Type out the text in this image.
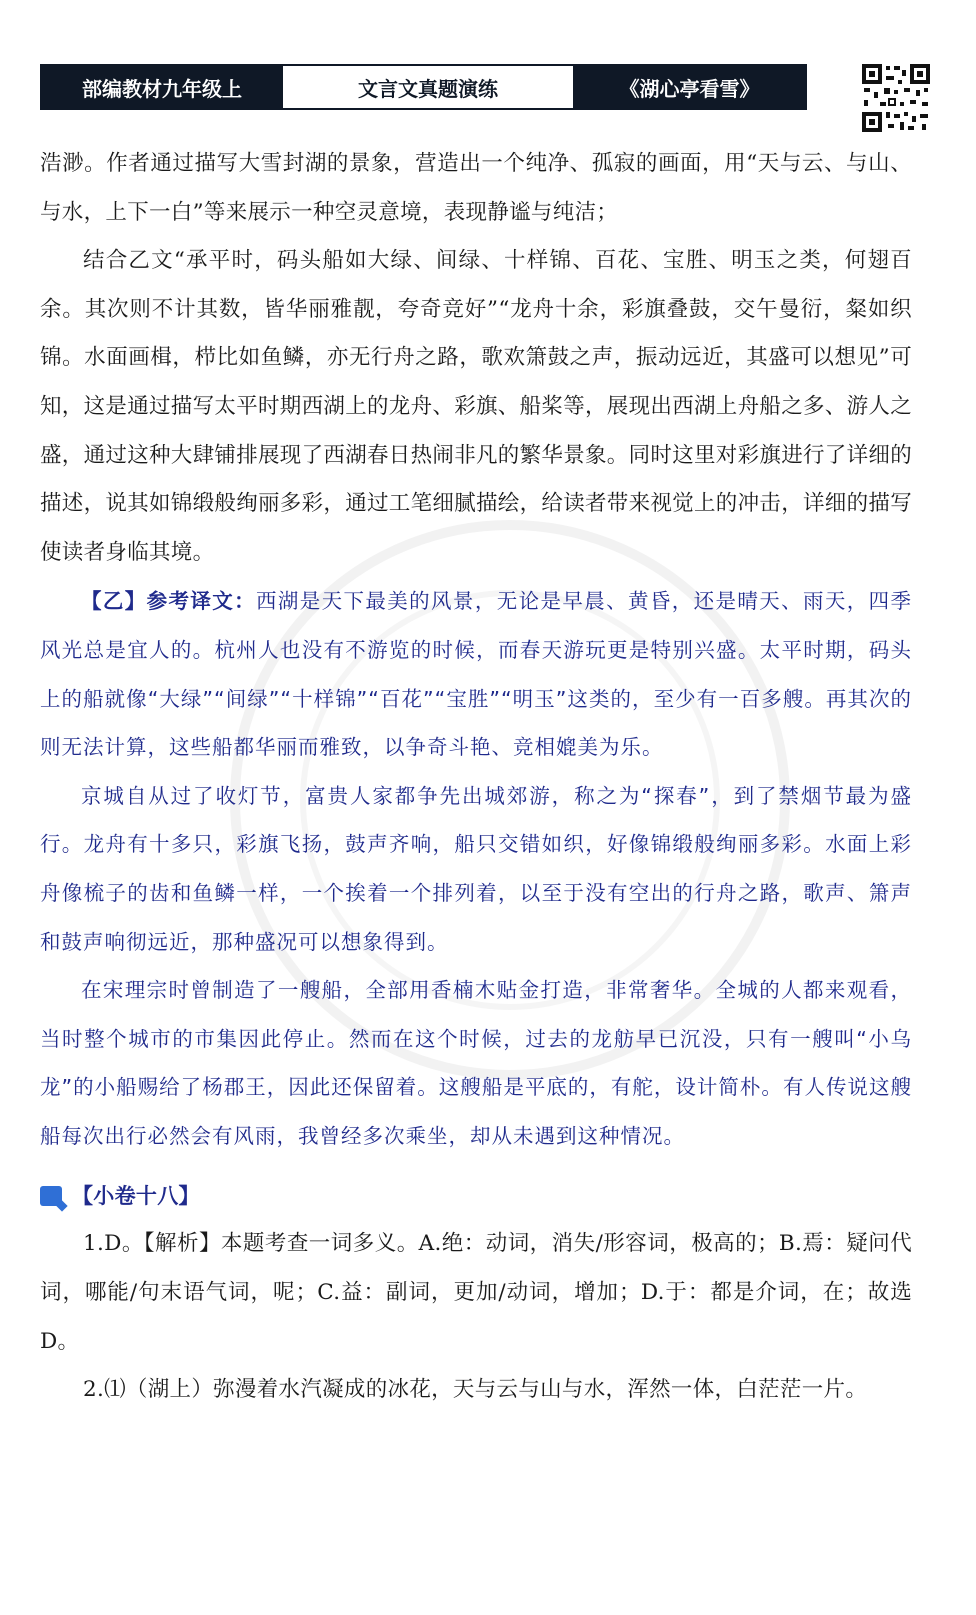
部编教材九年级上	文言文真题演练	《湖心亭看雪》

浩渺。作者通过描写大雪封湖的景象，营造出一个纯净、孤寂的画面，用“天与云、与山、与水，上下一白”等来展示一种空灵意境，表现静谧与纯洁；

结合乙文“承平时，码头船如大绿、间绿、十样锦、百花、宝胜、明玉之类，何翅百余。其次则不计其数，皆华丽雅靓，夸奇竞好”“龙舟十余，彩旗叠鼓，交午曼衍，粲如织锦。水面画楫，栉比如鱼鳞，亦无行舟之路，歌欢箫鼓之声，振动远近，其盛可以想见”可知，这是通过描写太平时期西湖上的龙舟、彩旗、船桨等，展现出西湖上舟船之多、游人之盛，通过这种大肆铺排展现了西湖春日热闹非凡的繁华景象。同时这里对彩旗进行了详细的描述，说其如锦缎般绚丽多彩，通过工笔细腻描绘，给读者带来视觉上的冲击，详细的描写使读者身临其境。

【乙】参考译文：西湖是天下最美的风景，无论是早晨、黄昏，还是晴天、雨天，四季风光总是宜人的。杭州人也没有不游览的时候，而春天游玩更是特别兴盛。太平时期，码头上的船就像“大绿”“间绿”“十样锦”“百花”“宝胜”“明玉”这类的，至少有一百多艘。再其次的则无法计算，这些船都华丽而雅致，以争奇斗艳、竞相媲美为乐。

京城自从过了收灯节，富贵人家都争先出城郊游，称之为“探春”，到了禁烟节最为盛行。龙舟有十多只，彩旗飞扬，鼓声齐响，船只交错如织，好像锦缎般绚丽多彩。水面上彩舟像梳子的齿和鱼鳞一样，一个挨着一个排列着，以至于没有空出的行舟之路，歌声、箫声和鼓声响彻远近，那种盛况可以想象得到。

在宋理宗时曾制造了一艘船，全部用香楠木贴金打造，非常奢华。全城的人都来观看，当时整个城市的市集因此停止。然而在这个时候，过去的龙舫早已沉没，只有一艘叫“小乌龙”的小船赐给了杨郡王，因此还保留着。这艘船是平底的，有舵，设计简朴。有人传说这艘船每次出行必然会有风雨，我曾经多次乘坐，却从未遇到这种情况。

【小卷十八】

1.D。【解析】本题考查一词多义。A.绝：动词，消失/形容词，极高的；B.焉：疑问代词，哪能/句末语气词，呢；C.益：副词，更加/动词，增加；D.于：都是介词，在；故选D。

2.⑴（湖上）弥漫着水汽凝成的冰花，天与云与山与水，浑然一体，白茫茫一片。
